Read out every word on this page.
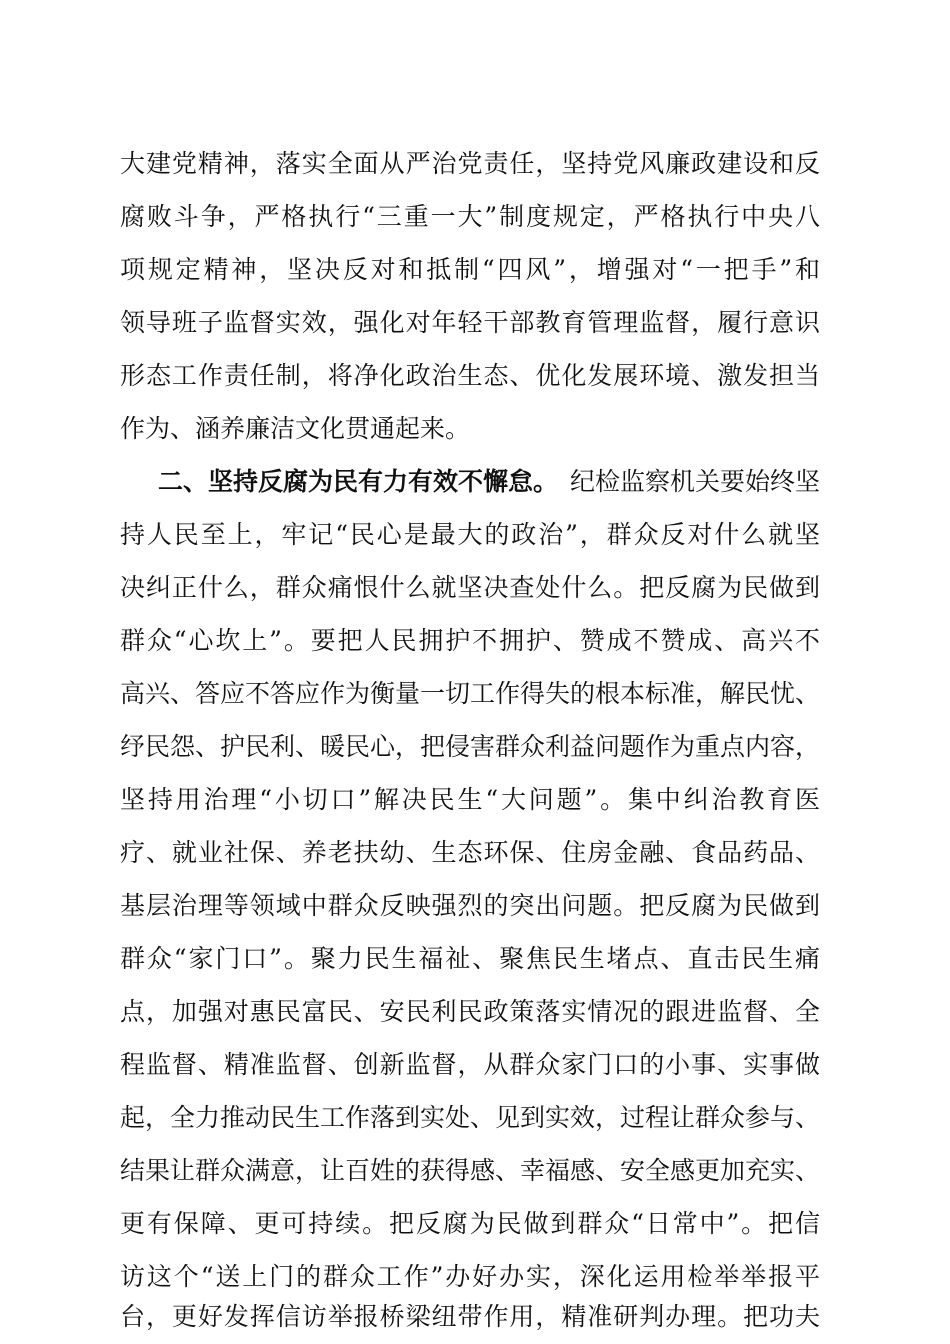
大建党精神，落实全面从严治党责任，坚持党风廉政建设和反
腐败斗争，严格执行“三重一大”制度规定，严格执行中央八
项规定精神，坚决反对和抵制“四风”，增强对“一把手”和
领导班子监督实效，强化对年轻干部教育管理监督，履行意识
形态工作责任制，将净化政治生态、优化发展环境、激发担当
作为、涵养廉洁文化贯通起来。
二、坚持反腐为民有力有效不懈怠。 纪检监察机关要始终坚
持人民至上，牢记“民心是最大的政治”，群众反对什么就坚
决纠正什么，群众痛恨什么就坚决查处什么。把反腐为民做到
群众“心坎上”。要把人民拥护不拥护、赞成不赞成、高兴不
高兴、答应不答应作为衡量一切工作得失的根本标准，解民忧、
纾民怨、护民利、暖民心，把侵害群众利益问题作为重点内容，
坚持用治理“小切口”解决民生“大问题”。集中纠治教育医
疗、就业社保、养老扶幼、生态环保、住房金融、食品药品、
基层治理等领域中群众反映强烈的突出问题。把反腐为民做到
群众“家门口”。聚力民生福祉、聚焦民生堵点、直击民生痛
点，加强对惠民富民、安民利民政策落实情况的跟进监督、全
程监督、精准监督、创新监督，从群众家门口的小事、实事做
起，全力推动民生工作落到实处、见到实效，过程让群众参与、
结果让群众满意，让百姓的获得感、幸福感、安全感更加充实、
更有保障、更可持续。把反腐为民做到群众“日常中”。把信
访这个“送上门的群众工作”办好办实，深化运用检举举报平
台，更好发挥信访举报桥梁纽带作用，精准研判办理。把功夫
